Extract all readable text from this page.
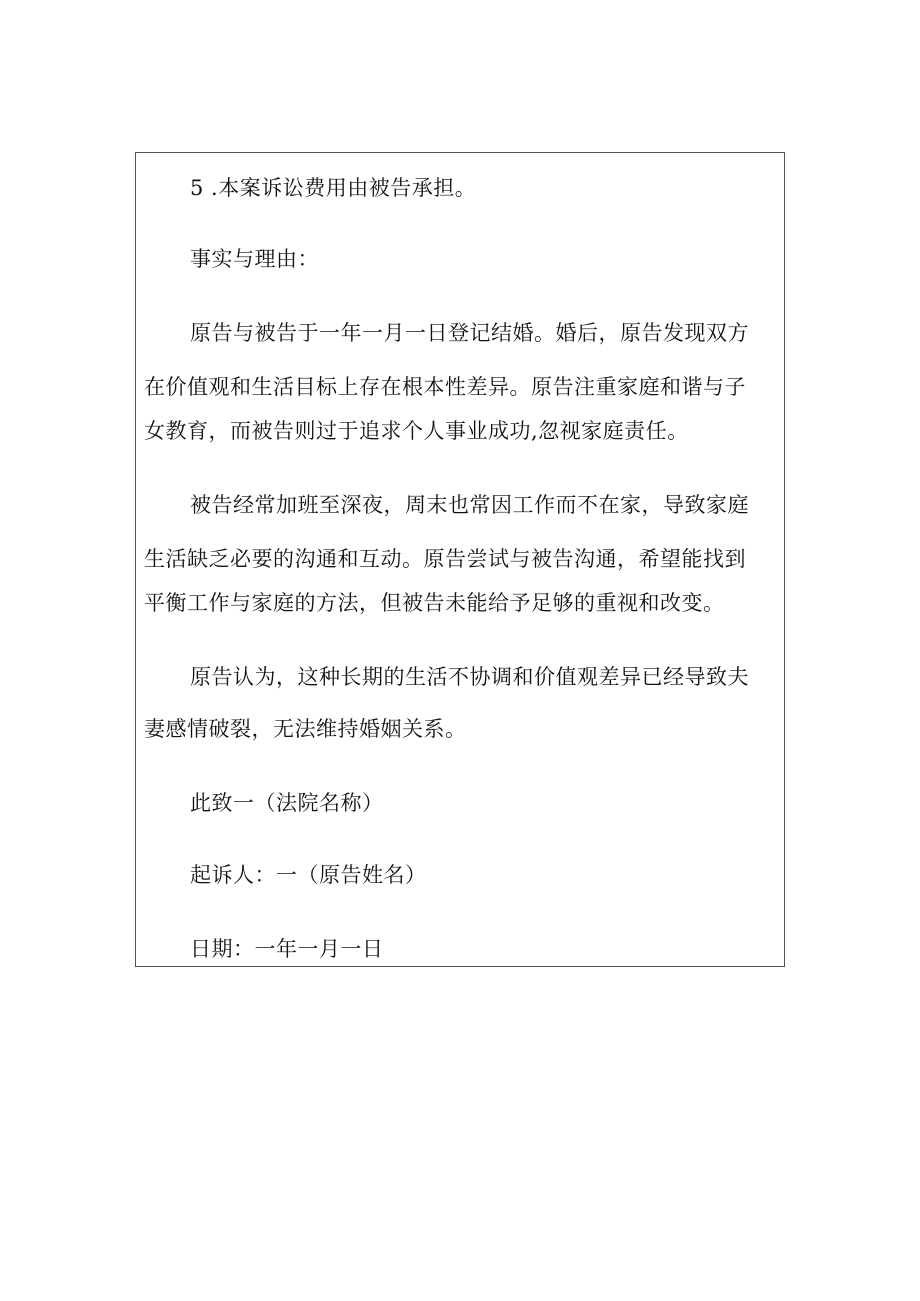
5 .本案诉讼费用由被告承担。
事实与理由：
原告与被告于一年一月一日登记结婚。婚后，原告发现双方
在价值观和生活目标上存在根本性差异。原告注重家庭和谐与子
女教育，而被告则过于追求个人事业成功,忽视家庭责任。
被告经常加班至深夜，周末也常因工作而不在家，导致家庭
生活缺乏必要的沟通和互动。原告尝试与被告沟通，希望能找到
平衡工作与家庭的方法，但被告未能给予足够的重视和改变。
原告认为，这种长期的生活不协调和价值观差异已经导致夫
妻感情破裂，无法维持婚姻关系。
此致一（法院名称）
起诉人：一（原告姓名）
日期：一年一月一日
